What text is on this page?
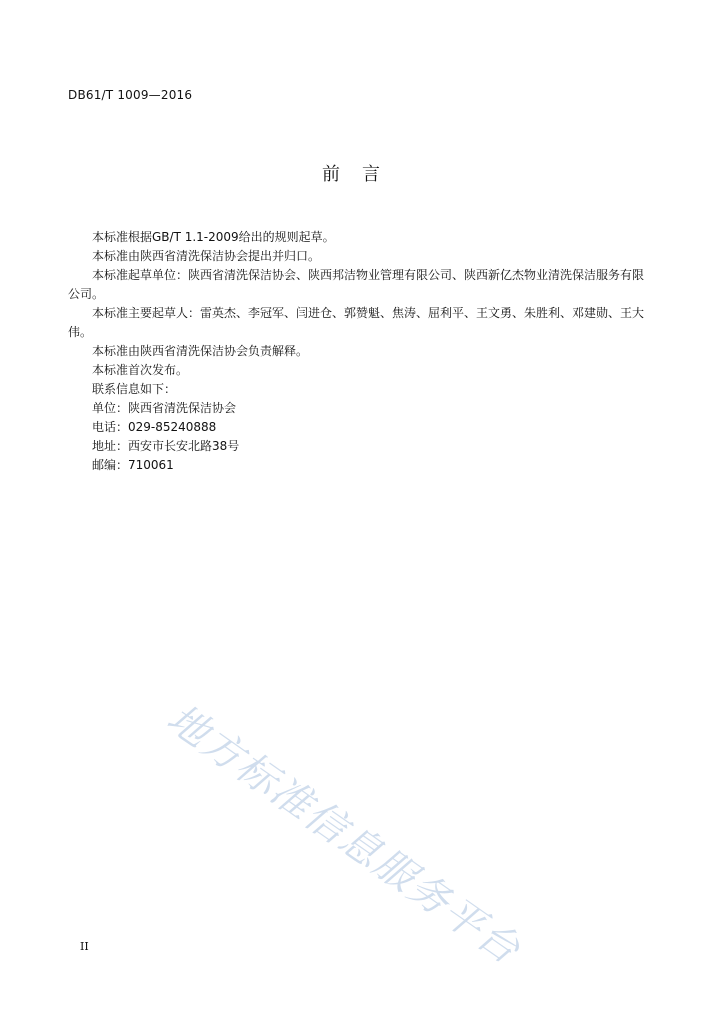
DB61/T 1009—2016
前言

本标准根据GB/T 1.1-2009给出的规则起草。

本标准由陕西省清洗保洁协会提出并归口。

本标准起草单位：陕西省清洗保洁协会、陕西邦洁物业管理有限公司、陕西新亿杰物业清洗保洁服务有限公司。

本标准主要起草人：雷英杰、李冠军、闫进仓、郭赞魁、焦涛、屈利平、王文勇、朱胜利、邓建勋、王大伟。

本标准由陕西省清洗保洁协会负责解释。

本标准首次发布。

联系信息如下：

单位：陕西省清洗保洁协会

电话：029-85240888

地址：西安市长安北路38号

邮编：710061

地方标准信息服务平台
II
